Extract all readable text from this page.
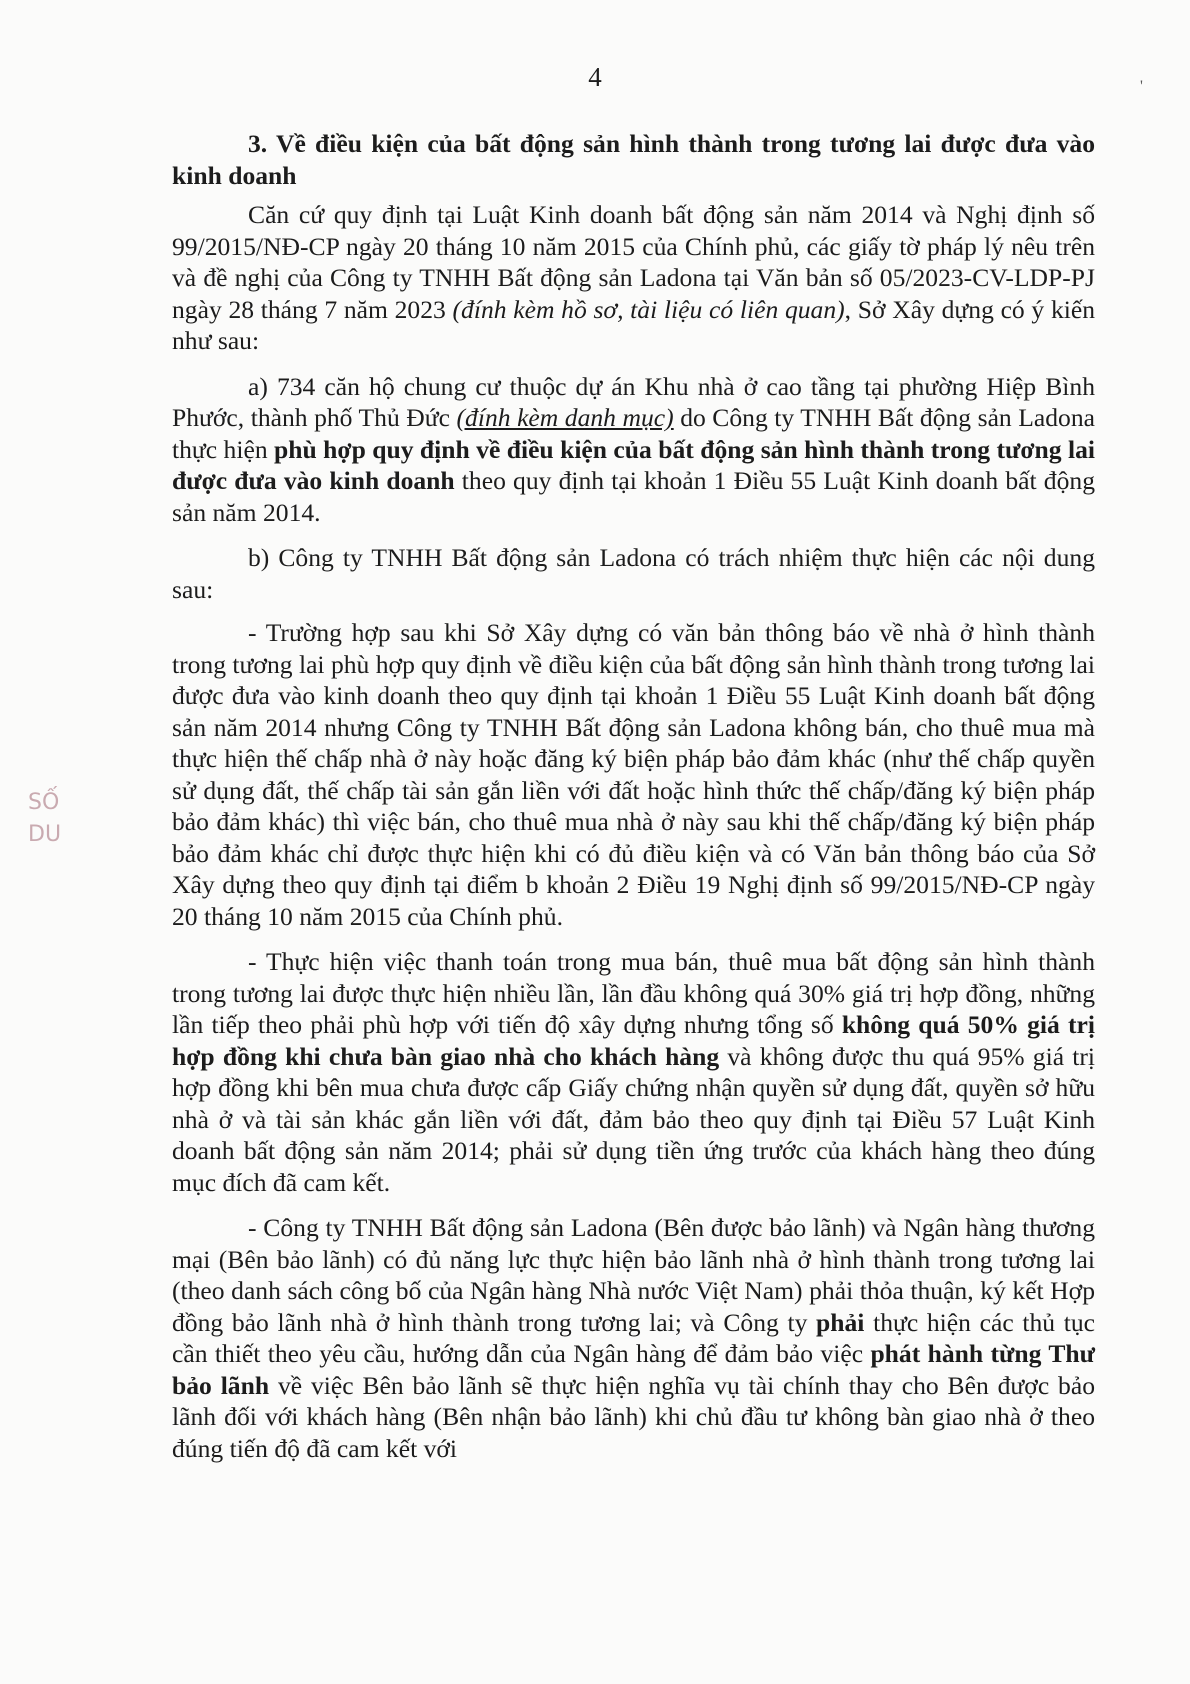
4	'
SỐ
DU

3. Về điều kiện của bất động sản hình thành trong tương lai được đưa vào kinh doanh

Căn cứ quy định tại Luật Kinh doanh bất động sản năm 2014 và Nghị định số 99/2015/NĐ-CP ngày 20 tháng 10 năm 2015 của Chính phủ, các giấy tờ pháp lý nêu trên và đề nghị của Công ty TNHH Bất động sản Ladona tại Văn bản số 05/2023-CV-LDP-PJ ngày 28 tháng 7 năm 2023 (đính kèm hồ sơ, tài liệu có liên quan), Sở Xây dựng có ý kiến như sau:

a) 734 căn hộ chung cư thuộc dự án Khu nhà ở cao tầng tại phường Hiệp Bình Phước, thành phố Thủ Đức (đính kèm danh mục) do Công ty TNHH Bất động sản Ladona thực hiện phù hợp quy định về điều kiện của bất động sản hình thành trong tương lai được đưa vào kinh doanh theo quy định tại khoản 1 Điều 55 Luật Kinh doanh bất động sản năm 2014.

b) Công ty TNHH Bất động sản Ladona có trách nhiệm thực hiện các nội dung sau:

- Trường hợp sau khi Sở Xây dựng có văn bản thông báo về nhà ở hình thành trong tương lai phù hợp quy định về điều kiện của bất động sản hình thành trong tương lai được đưa vào kinh doanh theo quy định tại khoản 1 Điều 55 Luật Kinh doanh bất động sản năm 2014 nhưng Công ty TNHH Bất động sản Ladona không bán, cho thuê mua mà thực hiện thế chấp nhà ở này hoặc đăng ký biện pháp bảo đảm khác (như thế chấp quyền sử dụng đất, thế chấp tài sản gắn liền với đất hoặc hình thức thế chấp/đăng ký biện pháp bảo đảm khác) thì việc bán, cho thuê mua nhà ở này sau khi thế chấp/đăng ký biện pháp bảo đảm khác chỉ được thực hiện khi có đủ điều kiện và có Văn bản thông báo của Sở Xây dựng theo quy định tại điểm b khoản 2 Điều 19 Nghị định số 99/2015/NĐ-CP ngày 20 tháng 10 năm 2015 của Chính phủ.

- Thực hiện việc thanh toán trong mua bán, thuê mua bất động sản hình thành trong tương lai được thực hiện nhiều lần, lần đầu không quá 30% giá trị hợp đồng, những lần tiếp theo phải phù hợp với tiến độ xây dựng nhưng tổng số không quá 50% giá trị hợp đồng khi chưa bàn giao nhà cho khách hàng và không được thu quá 95% giá trị hợp đồng khi bên mua chưa được cấp Giấy chứng nhận quyền sử dụng đất, quyền sở hữu nhà ở và tài sản khác gắn liền với đất, đảm bảo theo quy định tại Điều 57 Luật Kinh doanh bất động sản năm 2014; phải sử dụng tiền ứng trước của khách hàng theo đúng mục đích đã cam kết.

- Công ty TNHH Bất động sản Ladona (Bên được bảo lãnh) và Ngân hàng thương mại (Bên bảo lãnh) có đủ năng lực thực hiện bảo lãnh nhà ở hình thành trong tương lai (theo danh sách công bố của Ngân hàng Nhà nước Việt Nam) phải thỏa thuận, ký kết Hợp đồng bảo lãnh nhà ở hình thành trong tương lai; và Công ty phải thực hiện các thủ tục cần thiết theo yêu cầu, hướng dẫn của Ngân hàng để đảm bảo việc phát hành từng Thư bảo lãnh về việc Bên bảo lãnh sẽ thực hiện nghĩa vụ tài chính thay cho Bên được bảo lãnh đối với khách hàng (Bên nhận bảo lãnh) khi chủ đầu tư không bàn giao nhà ở theo đúng tiến độ đã cam kết với
